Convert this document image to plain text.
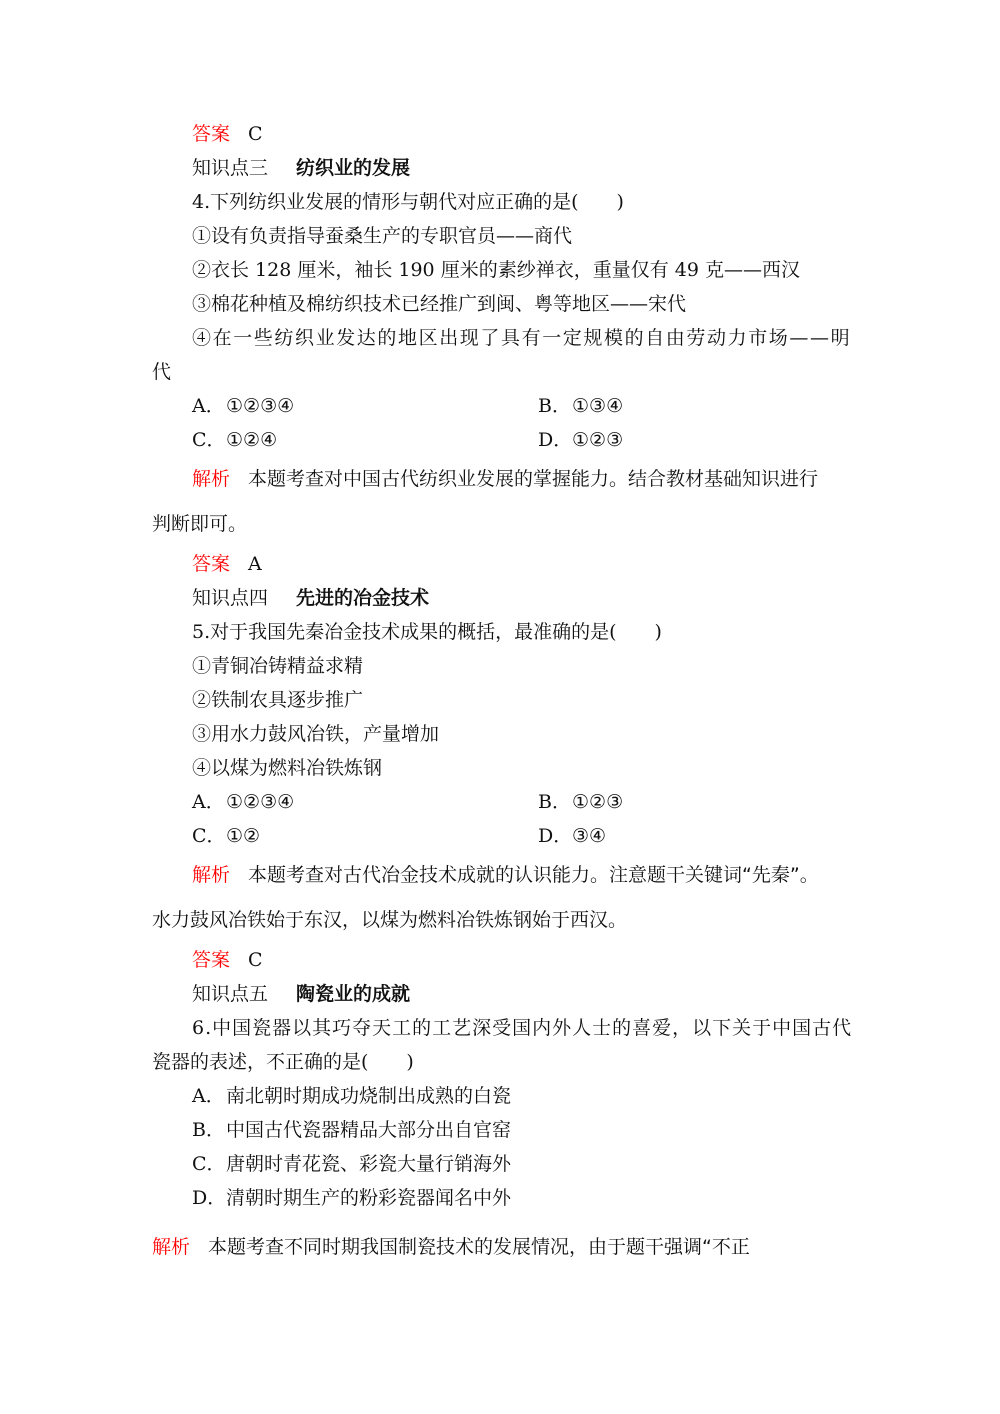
答案 C
知识点三 纺织业的发展
4.下列纺织业发展的情形与朝代对应正确的是(　　)
①设有负责指导蚕桑生产的专职官员——商代
②衣长 128 厘米，袖长 190 厘米的素纱禅衣，重量仅有 49 克——西汉
③棉花种植及棉纺织技术已经推广到闽、粤等地区——宋代
④在一些纺织业发达的地区出现了具有一定规模的自由劳动力市场——明
代
A．①②③④	B．①③④
C．①②④	D．①②③
解析 本题考查对中国古代纺织业发展的掌握能力。结合教材基础知识进行
判断即可。
答案 A
知识点四 先进的冶金技术
5.对于我国先秦冶金技术成果的概括，最准确的是(　　)
①青铜冶铸精益求精
②铁制农具逐步推广
③用水力鼓风冶铁，产量增加
④以煤为燃料冶铁炼钢
A．①②③④	B．①②③
C．①②	D．③④
解析 本题考查对古代冶金技术成就的认识能力。注意题干关键词“先秦”。
水力鼓风冶铁始于东汉，以煤为燃料冶铁炼钢始于西汉。
答案 C
知识点五 陶瓷业的成就
6.中国瓷器以其巧夺天工的工艺深受国内外人士的喜爱，以下关于中国古代
瓷器的表述，不正确的是(　　)
A．南北朝时期成功烧制出成熟的白瓷
B．中国古代瓷器精品大部分出自官窑
C．唐朝时青花瓷、彩瓷大量行销海外
D．清朝时期生产的粉彩瓷器闻名中外
解析 本题考查不同时期我国制瓷技术的发展情况，由于题干强调“不正
